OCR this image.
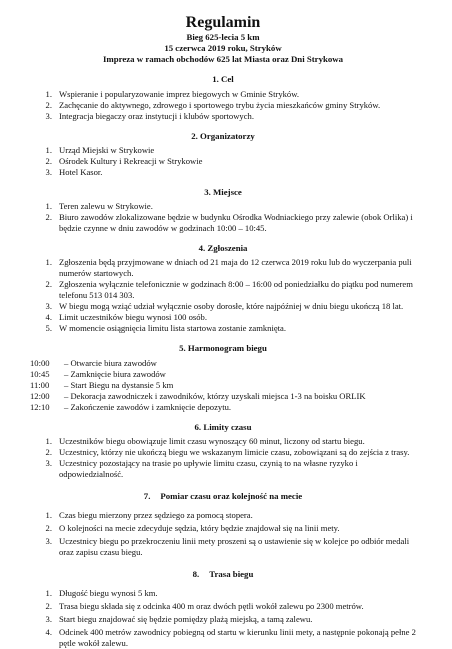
Regulamin
Bieg 625-lecia 5 km
15 czerwca 2019 roku, Stryków
Impreza w ramach obchodów 625 lat Miasta oraz Dni Strykowa
1. Cel
1. Wspieranie i popularyzowanie imprez biegowych w Gminie Stryków.
2. Zachęcanie do aktywnego, zdrowego i sportowego trybu życia mieszkańców gminy Stryków.
3. Integracja biegaczy oraz instytucji i klubów sportowych.
2. Organizatorzy
1. Urząd Miejski w Strykowie
2. Ośrodek Kultury i Rekreacji w Strykowie
3. Hotel Kasor.
3. Miejsce
1. Teren zalewu w Strykowie.
2. Biuro zawodów zlokalizowane będzie w budynku Ośrodka Wodniackiego przy zalewie (obok Orlika) i będzie czynne w dniu zawodów w godzinach 10:00 – 10:45.
4. Zgłoszenia
1. Zgłoszenia będą przyjmowane w dniach od 21 maja do 12 czerwca 2019 roku lub do wyczerpania puli numerów startowych.
2. Zgłoszenia wyłącznie telefonicznie w godzinach 8:00 – 16:00 od poniedziałku do piątku pod numerem telefonu 513 014 303.
3. W biegu mogą wziąć udział wyłącznie osoby dorosłe, które najpóźniej w dniu biegu ukończą 18 lat.
4. Limit uczestników biegu wynosi 100 osób.
5. W momencie osiągnięcia limitu lista startowa zostanie zamknięta.
5. Harmonogram biegu
10:00	– Otwarcie biura zawodów
10:45	– Zamknięcie biura zawodów
11:00	– Start Biegu na dystansie 5 km
12:00	– Dekoracja zawodniczek i zawodników, którzy uzyskali miejsca 1-3 na boisku ORLIK
12:10	– Zakończenie zawodów i zamknięcie depozytu.
6. Limity czasu
1. Uczestników biegu obowiązuje limit czasu wynoszący 60 minut, liczony od startu biegu.
2. Uczestnicy, którzy nie ukończą biegu we wskazanym limicie czasu, zobowiązani są do zejścia z trasy.
3. Uczestnicy pozostający na trasie po upływie limitu czasu, czynią to na własne ryzyko i odpowiedzialność.
7. Pomiar czasu oraz kolejność na mecie
1. Czas biegu mierzony przez sędziego za pomocą stopera.
2. O kolejności na mecie zdecyduje sędzia, który będzie znajdował się na linii mety.
3. Uczestnicy biegu po przekroczeniu linii mety proszeni są o ustawienie się w kolejce po odbiór medali oraz zapisu czasu biegu.
8. Trasa biegu
1. Długość biegu wynosi 5 km.
2. Trasa biegu składa się z odcinka 400 m oraz dwóch pętli wokół zalewu po 2300 metrów.
3. Start biegu znajdować się będzie pomiędzy plażą miejską, a tamą zalewu.
4. Odcinek 400 metrów zawodnicy pobiegną od startu w kierunku linii mety, a następnie pokonają pełne 2 pętle wokół zalewu.
